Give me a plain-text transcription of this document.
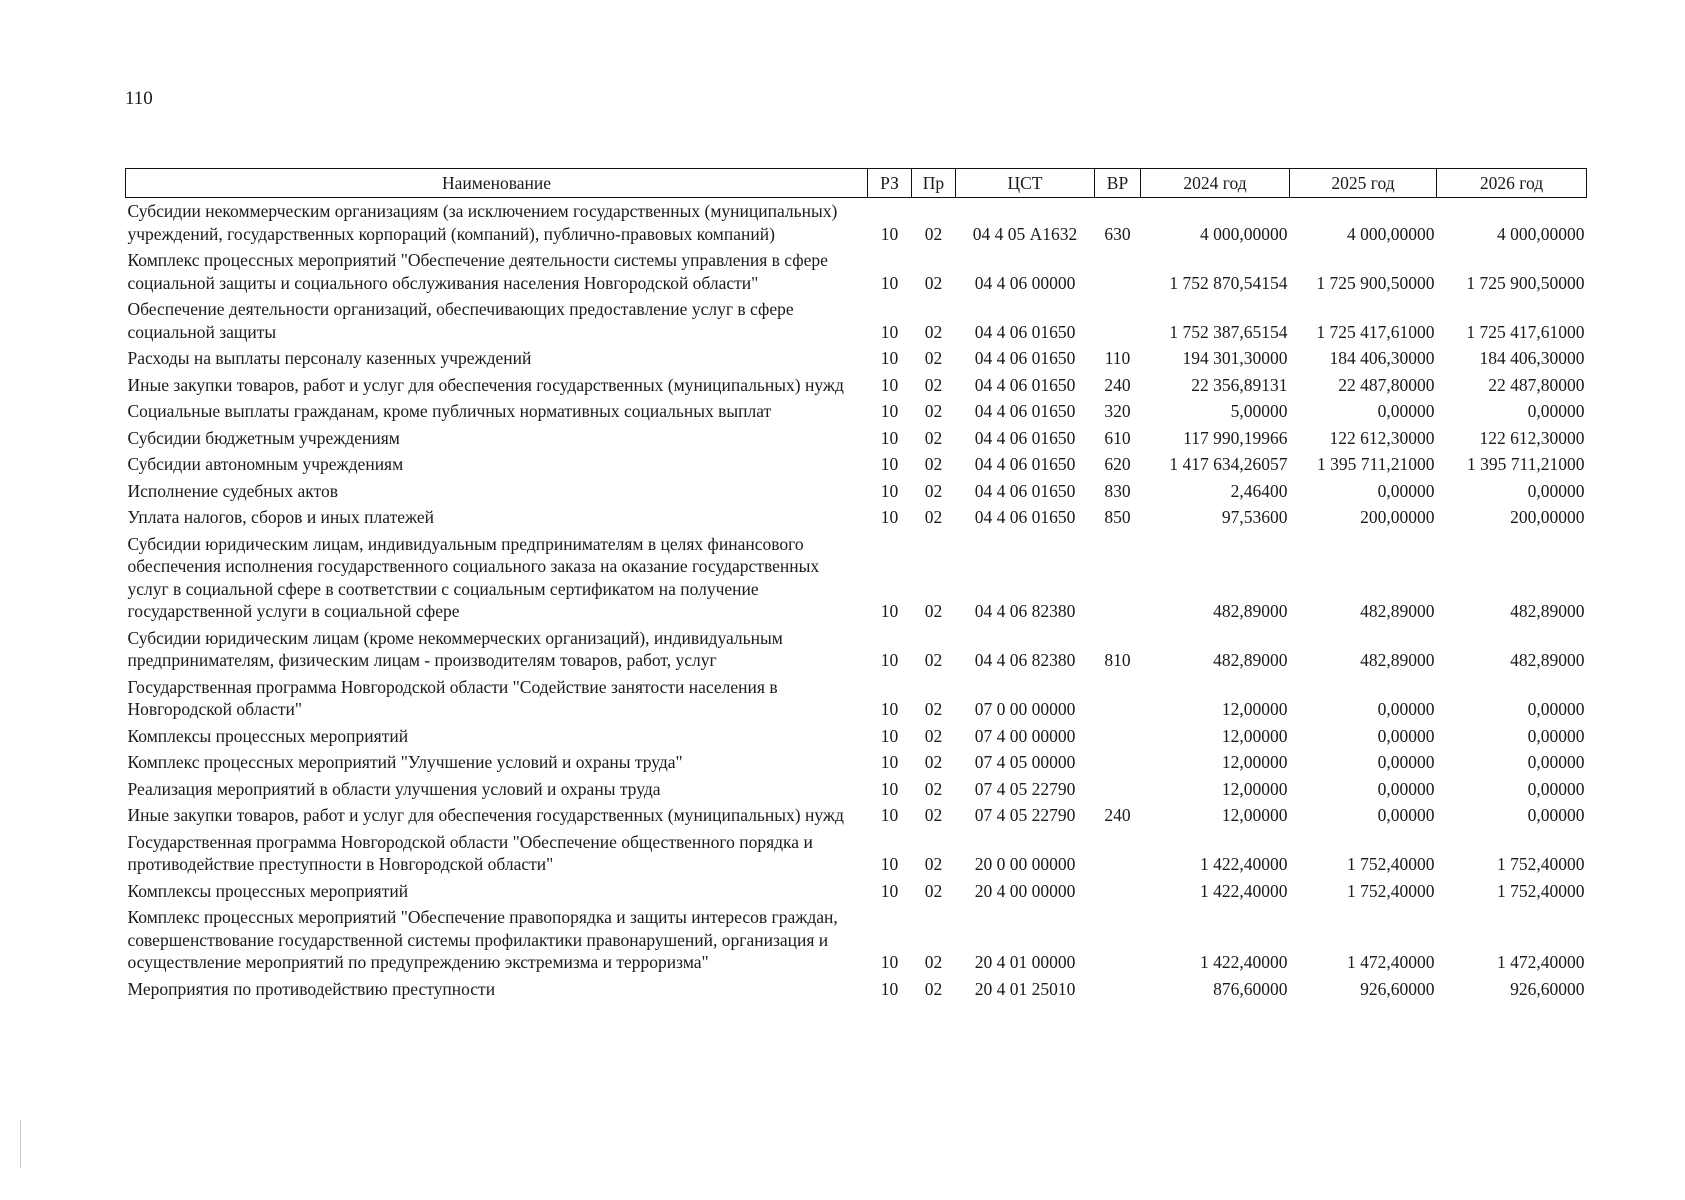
110
Наименование	РЗ	Пр	ЦСТ	ВР	2024 год	2025 год	2026 год
Субсидии некоммерческим организациям (за исключением государственных (муниципальных) учреждений, государственных корпораций (компаний), публично-правовых компаний)	10	02	04 4 05 А1632	630	4 000,00000	4 000,00000	4 000,00000
Комплекс процессных мероприятий "Обеспечение деятельности системы управления в сфере социальной защиты и социального обслуживания населения Новгородской области"	10	02	04 4 06 00000		1 752 870,54154	1 725 900,50000	1 725 900,50000
Обеспечение деятельности организаций, обеспечивающих предоставление услуг в сфере социальной защиты	10	02	04 4 06 01650		1 752 387,65154	1 725 417,61000	1 725 417,61000
Расходы на выплаты персоналу казенных учреждений	10	02	04 4 06 01650	110	194 301,30000	184 406,30000	184 406,30000
Иные закупки товаров, работ и услуг для обеспечения государственных (муниципальных) нужд	10	02	04 4 06 01650	240	22 356,89131	22 487,80000	22 487,80000
Социальные выплаты гражданам, кроме публичных нормативных социальных выплат	10	02	04 4 06 01650	320	5,00000	0,00000	0,00000
Субсидии бюджетным учреждениям	10	02	04 4 06 01650	610	117 990,19966	122 612,30000	122 612,30000
Субсидии автономным учреждениям	10	02	04 4 06 01650	620	1 417 634,26057	1 395 711,21000	1 395 711,21000
Исполнение судебных актов	10	02	04 4 06 01650	830	2,46400	0,00000	0,00000
Уплата налогов, сборов и иных платежей	10	02	04 4 06 01650	850	97,53600	200,00000	200,00000
Субсидии юридическим лицам, индивидуальным предпринимателям в целях финансового обеспечения исполнения государственного социального заказа на оказание государственных услуг в социальной сфере в соответствии с социальным сертификатом на получение государственной услуги в социальной сфере	10	02	04 4 06 82380		482,89000	482,89000	482,89000
Субсидии юридическим лицам (кроме некоммерческих организаций), индивидуальным предпринимателям, физическим лицам - производителям товаров, работ, услуг	10	02	04 4 06 82380	810	482,89000	482,89000	482,89000
Государственная программа Новгородской области "Содействие занятости населения в Новгородской области"	10	02	07 0 00 00000		12,00000	0,00000	0,00000
Комплексы процессных мероприятий	10	02	07 4 00 00000		12,00000	0,00000	0,00000
Комплекс процессных мероприятий "Улучшение условий и охраны труда"	10	02	07 4 05 00000		12,00000	0,00000	0,00000
Реализация мероприятий в области улучшения условий и охраны труда	10	02	07 4 05 22790		12,00000	0,00000	0,00000
Иные закупки товаров, работ и услуг для обеспечения государственных (муниципальных) нужд	10	02	07 4 05 22790	240	12,00000	0,00000	0,00000
Государственная программа Новгородской области "Обеспечение общественного порядка и противодействие преступности в Новгородской области"	10	02	20 0 00 00000		1 422,40000	1 752,40000	1 752,40000
Комплексы процессных мероприятий	10	02	20 4 00 00000		1 422,40000	1 752,40000	1 752,40000
Комплекс процессных мероприятий "Обеспечение правопорядка и защиты интересов граждан, совершенствование государственной системы профилактики правонарушений, организация и осуществление мероприятий по предупреждению экстремизма и терроризма"	10	02	20 4 01 00000		1 422,40000	1 472,40000	1 472,40000
Мероприятия по противодействию преступности	10	02	20 4 01 25010		876,60000	926,60000	926,60000
